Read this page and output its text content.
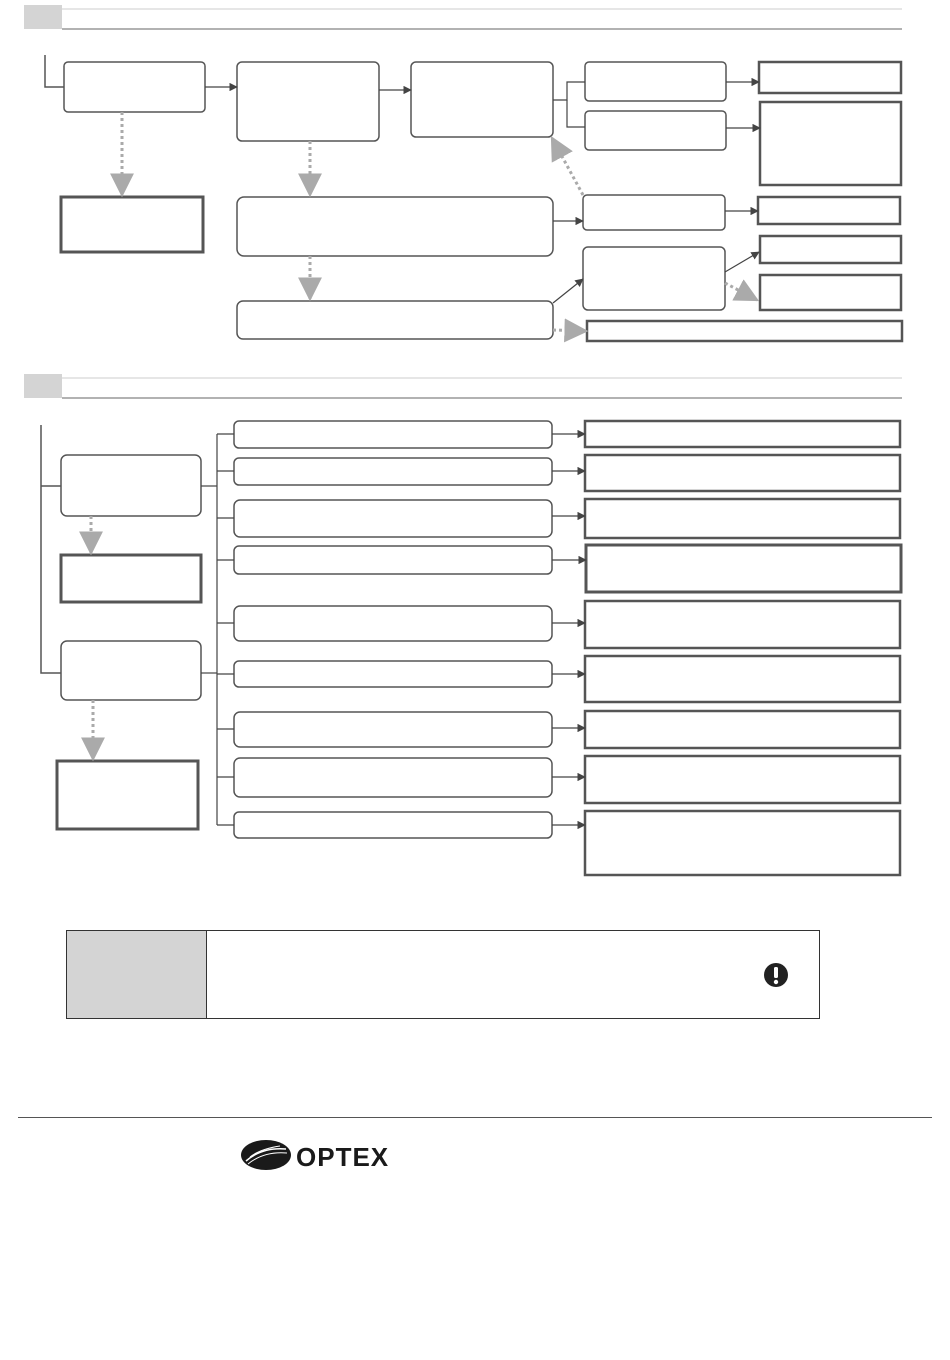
OPTEX
